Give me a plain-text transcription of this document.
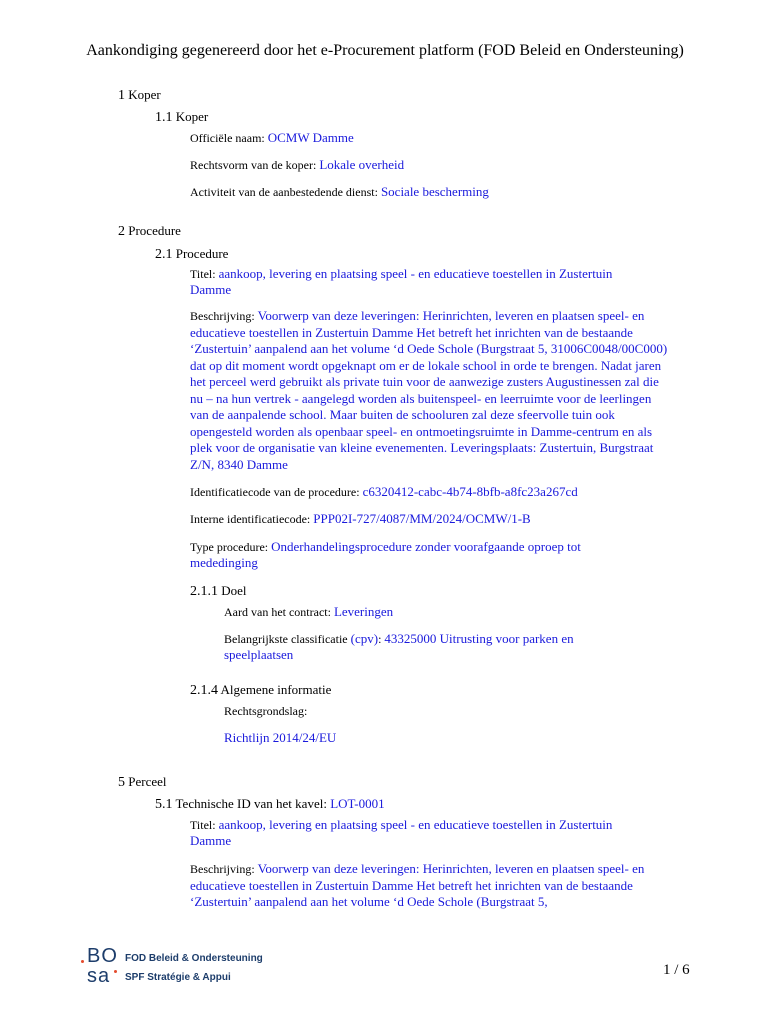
Aankondiging gegenereerd door het e-Procurement platform (FOD Beleid en Ondersteuning)
1 Koper
1.1 Koper
Officiële naam: OCMW Damme
Rechtsvorm van de koper: Lokale overheid
Activiteit van de aanbestedende dienst: Sociale bescherming
2 Procedure
2.1 Procedure
Titel: aankoop, levering en plaatsing speel - en educatieve toestellen in Zustertuin Damme
Beschrijving: Voorwerp van deze leveringen: Herinrichten, leveren en plaatsen speel- en educatieve toestellen in Zustertuin Damme Het betreft het inrichten van de bestaande ‘Zustertuin’ aanpalend aan het volume ‘d Oede Schole (Burgstraat 5, 31006C0048/00C000) dat op dit moment wordt opgeknapt om er de lokale school in orde te brengen. Nadat jaren het perceel werd gebruikt als private tuin voor de aanwezige zusters Augustinessen zal die nu – na hun vertrek - aangelegd worden als buitenspeel- en leerruimte voor de leerlingen van de aanpalende school. Maar buiten de schooluren zal deze sfeervolle tuin ook opengesteld worden als openbaar speel- en ontmoetingsruimte in Damme-centrum en als plek voor de organisatie van kleine evenementen. Leveringsplaats: Zustertuin, Burgstraat Z/N, 8340 Damme
Identificatiecode van de procedure: c6320412-cabc-4b74-8bfb-a8fc23a267cd
Interne identificatiecode: PPP02I-727/4087/MM/2024/OCMW/1-B
Type procedure: Onderhandelingsprocedure zonder voorafgaande oproep tot mededinging
2.1.1 Doel
Aard van het contract: Leveringen
Belangrijkste classificatie (cpv): 43325000 Uitrusting voor parken en speelplaatsen
2.1.4 Algemene informatie
Rechtsgrondslag:
Richtlijn 2014/24/EU
5 Perceel
5.1 Technische ID van het kavel: LOT-0001
Titel: aankoop, levering en plaatsing speel - en educatieve toestellen in Zustertuin Damme
Beschrijving: Voorwerp van deze leveringen: Herinrichten, leveren en plaatsen speel- en educatieve toestellen in Zustertuin Damme Het betreft het inrichten van de bestaande ‘Zustertuin’ aanpalend aan het volume ‘d Oede Schole (Burgstraat 5,
BO
sa
FOD Beleid & Ondersteuning
SPF Stratégie & Appui	1 / 6
